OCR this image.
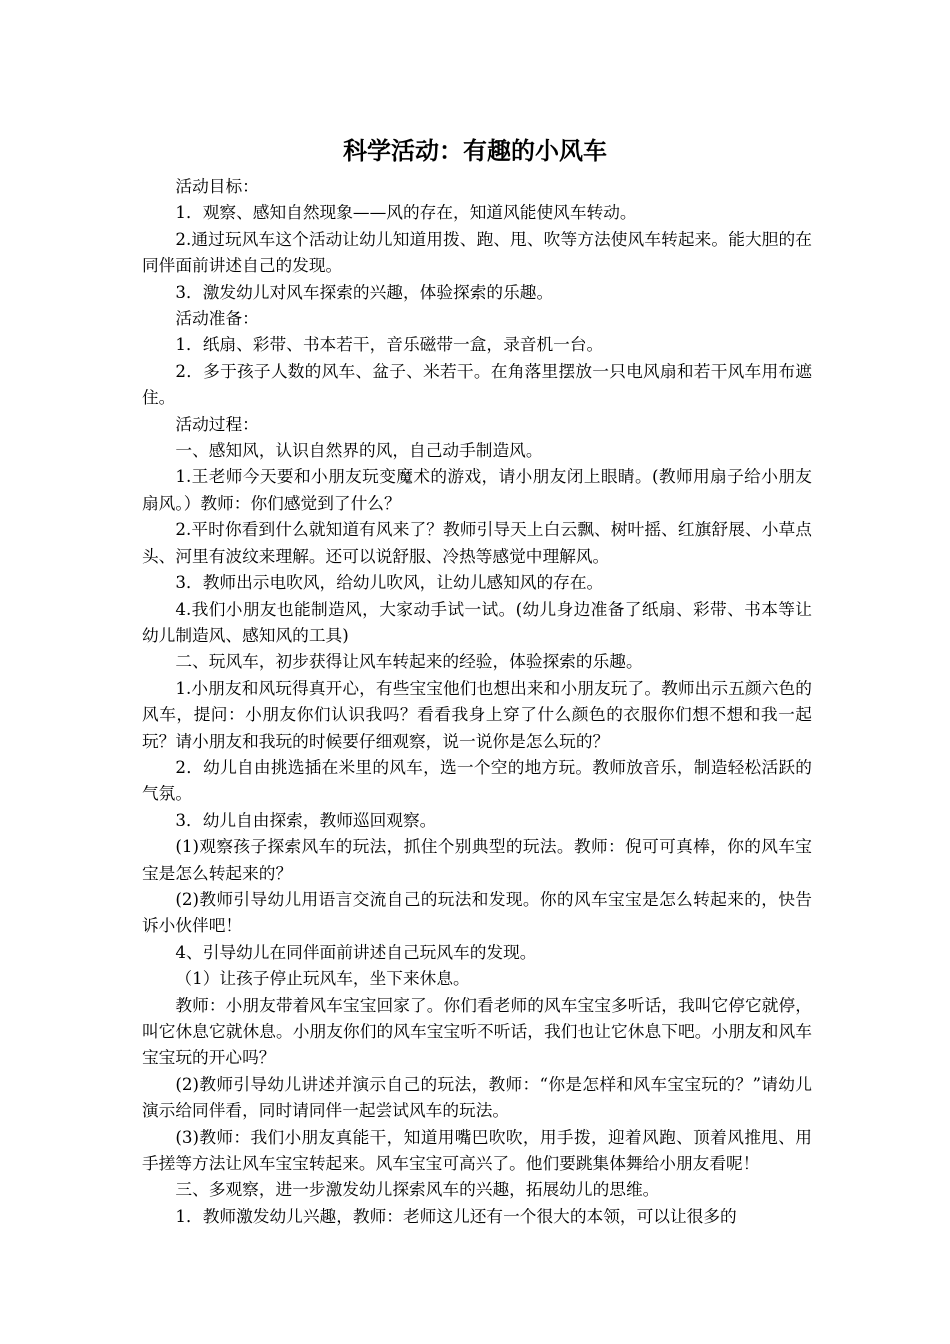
科学活动：有趣的小风车

活动目标：

1．观察、感知自然现象——风的存在，知道风能使风车转动。

2.通过玩风车这个活动让幼儿知道用拨、跑、甩、吹等方法使风车转起来。能大胆的在同伴面前讲述自己的发现。

3．激发幼儿对风车探索的兴趣，体验探索的乐趣。

活动准备：

1．纸扇、彩带、书本若干，音乐磁带一盒，录音机一台。

2．多于孩子人数的风车、盆子、米若干。在角落里摆放一只电风扇和若干风车用布遮住。

活动过程：

一、感知风，认识自然界的风，自己动手制造风。

1.王老师今天要和小朋友玩变魔术的游戏，请小朋友闭上眼睛。(教师用扇子给小朋友扇风。）教师：你们感觉到了什么？

2.平时你看到什么就知道有风来了？教师引导天上白云飘、树叶摇、红旗舒展、小草点头、河里有波纹来理解。还可以说舒服、冷热等感觉中理解风。

3．教师出示电吹风，给幼儿吹风，让幼儿感知风的存在。

4.我们小朋友也能制造风，大家动手试一试。(幼儿身边准备了纸扇、彩带、书本等让幼儿制造风、感知风的工具)

二、玩风车，初步获得让风车转起来的经验，体验探索的乐趣。

1.小朋友和风玩得真开心，有些宝宝他们也想出来和小朋友玩了。教师出示五颜六色的风车，提问：小朋友你们认识我吗？看看我身上穿了什么颜色的衣服你们想不想和我一起玩？请小朋友和我玩的时候要仔细观察，说一说你是怎么玩的？

2．幼儿自由挑选插在米里的风车，选一个空的地方玩。教师放音乐，制造轻松活跃的气氛。

3．幼儿自由探索，教师巡回观察。

(1)观察孩子探索风车的玩法，抓住个别典型的玩法。教师：倪可可真棒，你的风车宝宝是怎么转起来的？

(2)教师引导幼儿用语言交流自己的玩法和发现。你的风车宝宝是怎么转起来的，快告诉小伙伴吧！

4、引导幼儿在同伴面前讲述自己玩风车的发现。

（1）让孩子停止玩风车，坐下来休息。

教师：小朋友带着风车宝宝回家了。你们看老师的风车宝宝多听话，我叫它停它就停，叫它休息它就休息。小朋友你们的风车宝宝听不听话，我们也让它休息下吧。小朋友和风车宝宝玩的开心吗？

(2)教师引导幼儿讲述并演示自己的玩法，教师：“你是怎样和风车宝宝玩的？”请幼儿演示给同伴看，同时请同伴一起尝试风车的玩法。

(3)教师：我们小朋友真能干，知道用嘴巴吹吹，用手拨，迎着风跑、顶着风推甩、用手搓等方法让风车宝宝转起来。风车宝宝可高兴了。他们要跳集体舞给小朋友看呢！

三、多观察，进一步激发幼儿探索风车的兴趣，拓展幼儿的思维。

1．教师激发幼儿兴趣，教师：老师这儿还有一个很大的本领，可以让很多的
